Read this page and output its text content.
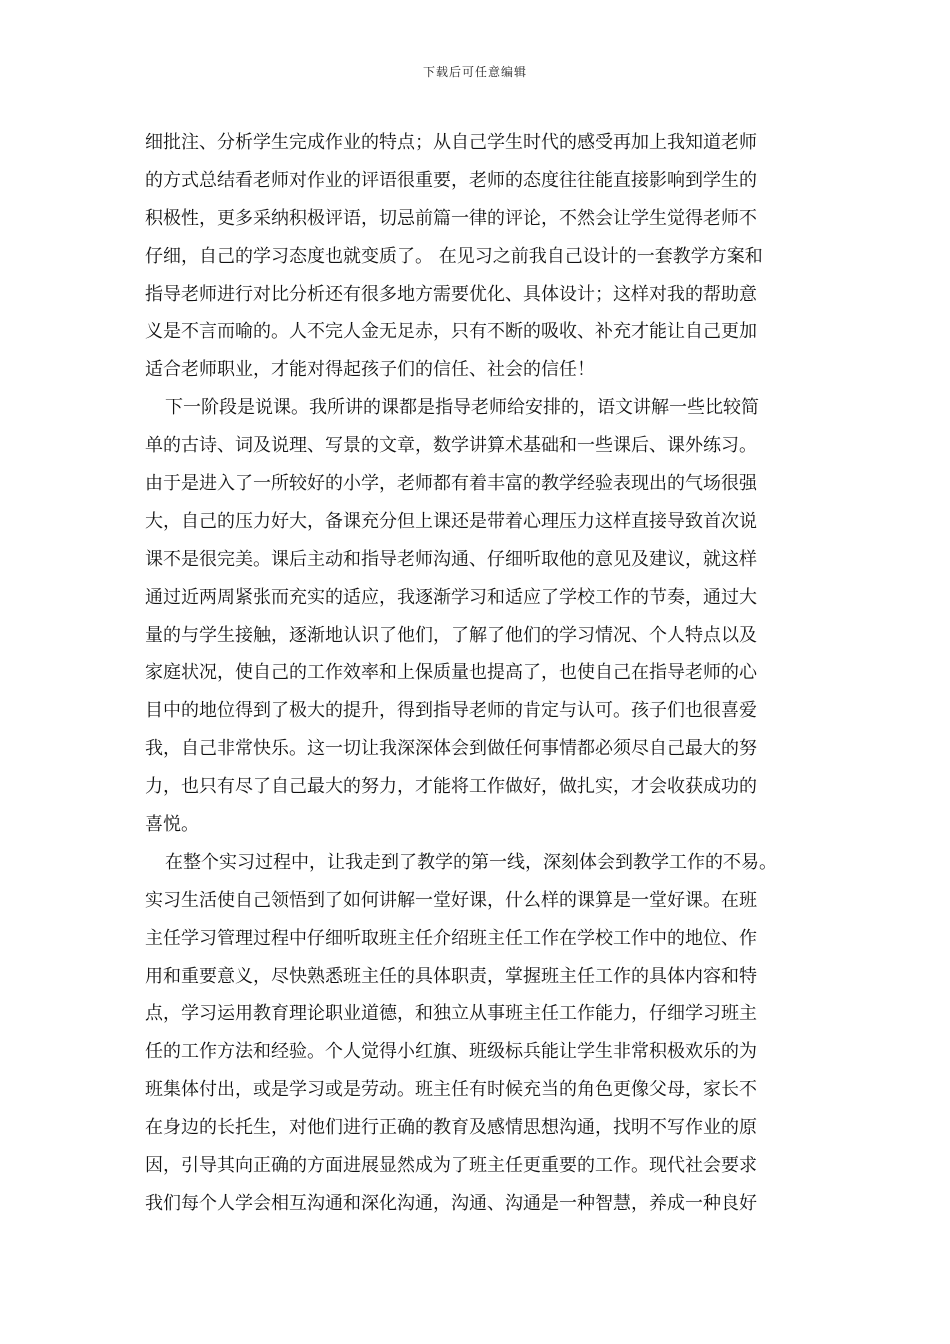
下载后可任意编辑
细批注、分析学生完成作业的特点；从自己学生时代的感受再加上我知道老师
的方式总结看老师对作业的评语很重要，老师的态度往往能直接影响到学生的
积极性，更多采纳积极评语，切忌前篇一律的评论，不然会让学生觉得老师不
仔细，自己的学习态度也就变质了。 在见习之前我自己设计的一套教学方案和
指导老师进行对比分析还有很多地方需要优化、具体设计；这样对我的帮助意
义是不言而喻的。人不完人金无足赤，只有不断的吸收、补充才能让自己更加
适合老师职业，才能对得起孩子们的信任、社会的信任！
下一阶段是说课。我所讲的课都是指导老师给安排的，语文讲解一些比较简
单的古诗、词及说理、写景的文章，数学讲算术基础和一些课后、课外练习。
由于是进入了一所较好的小学，老师都有着丰富的教学经验表现出的气场很强
大，自己的压力好大，备课充分但上课还是带着心理压力这样直接导致首次说
课不是很完美。课后主动和指导老师沟通、仔细听取他的意见及建议，就这样
通过近两周紧张而充实的适应，我逐渐学习和适应了学校工作的节奏，通过大
量的与学生接触，逐渐地认识了他们，了解了他们的学习情况、个人特点以及
家庭状况，使自己的工作效率和上保质量也提高了，也使自己在指导老师的心
目中的地位得到了极大的提升，得到指导老师的肯定与认可。孩子们也很喜爱
我，自己非常快乐。这一切让我深深体会到做任何事情都必须尽自己最大的努
力，也只有尽了自己最大的努力，才能将工作做好，做扎实，才会收获成功的
喜悦。
在整个实习过程中，让我走到了教学的第一线，深刻体会到教学工作的不易。
实习生活使自己领悟到了如何讲解一堂好课，什么样的课算是一堂好课。在班
主任学习管理过程中仔细听取班主任介绍班主任工作在学校工作中的地位、作
用和重要意义，尽快熟悉班主任的具体职责，掌握班主任工作的具体内容和特
点，学习运用教育理论职业道德，和独立从事班主任工作能力，仔细学习班主
任的工作方法和经验。个人觉得小红旗、班级标兵能让学生非常积极欢乐的为
班集体付出，或是学习或是劳动。班主任有时候充当的角色更像父母，家长不
在身边的长托生，对他们进行正确的教育及感情思想沟通，找明不写作业的原
因，引导其向正确的方面进展显然成为了班主任更重要的工作。现代社会要求
我们每个人学会相互沟通和深化沟通，沟通、沟通是一种智慧，养成一种良好
